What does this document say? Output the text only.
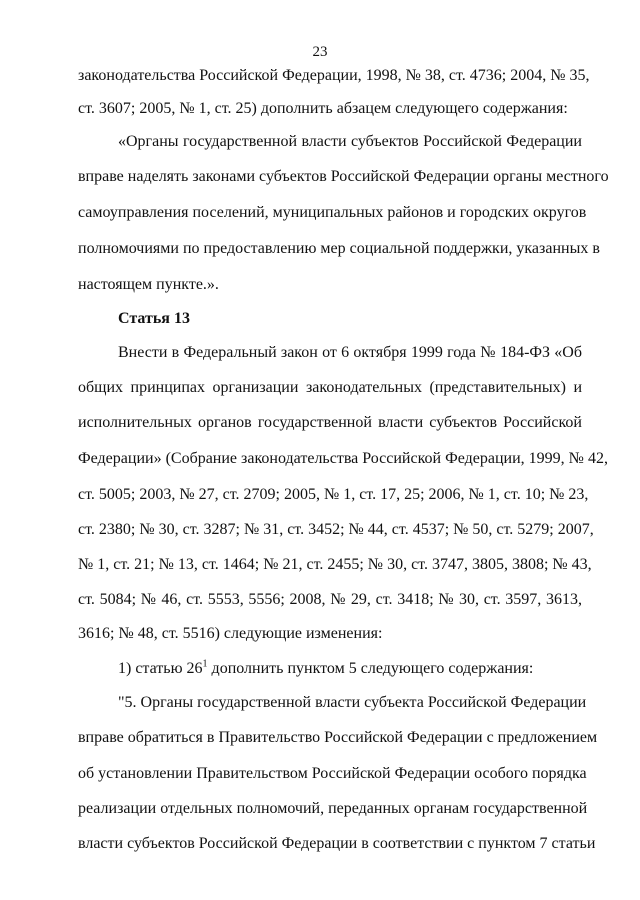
23
законодательства Российской Федерации, 1998, № 38, ст. 4736; 2004, № 35,
ст. 3607; 2005, № 1, ст. 25) дополнить абзацем следующего содержания:
«Органы государственной власти субъектов Российской Федерации
вправе наделять законами субъектов Российской Федерации органы местного
самоуправления поселений, муниципальных районов и городских округов
полномочиями по предоставлению мер социальной поддержки, указанных в
настоящем пункте.».
Статья 13
Внести в Федеральный закон от 6 октября 1999 года № 184-ФЗ «Об
общих принципах организации законодательных (представительных) и
исполнительных органов государственной власти субъектов Российской
Федерации» (Собрание законодательства Российской Федерации, 1999, № 42,
ст. 5005; 2003, № 27, ст. 2709; 2005, № 1, ст. 17, 25; 2006, № 1, ст. 10; № 23,
ст. 2380; № 30, ст. 3287; № 31, ст. 3452; № 44, ст. 4537; № 50, ст. 5279; 2007,
№ 1, ст. 21; № 13, ст. 1464; № 21, ст. 2455; № 30, ст. 3747, 3805, 3808; № 43,
ст. 5084; № 46, ст. 5553, 5556; 2008, № 29, ст. 3418; № 30, ст. 3597, 3613,
3616; № 48, ст. 5516) следующие изменения:
1) статью $26^1$ дополнить пунктом 5 следующего содержания:
"5. Органы государственной власти субъекта Российской Федерации
вправе обратиться в Правительство Российской Федерации с предложением
об установлении Правительством Российской Федерации особого порядка
реализации отдельных полномочий, переданных органам государственной
власти субъектов Российской Федерации в соответствии с пунктом 7 статьи
